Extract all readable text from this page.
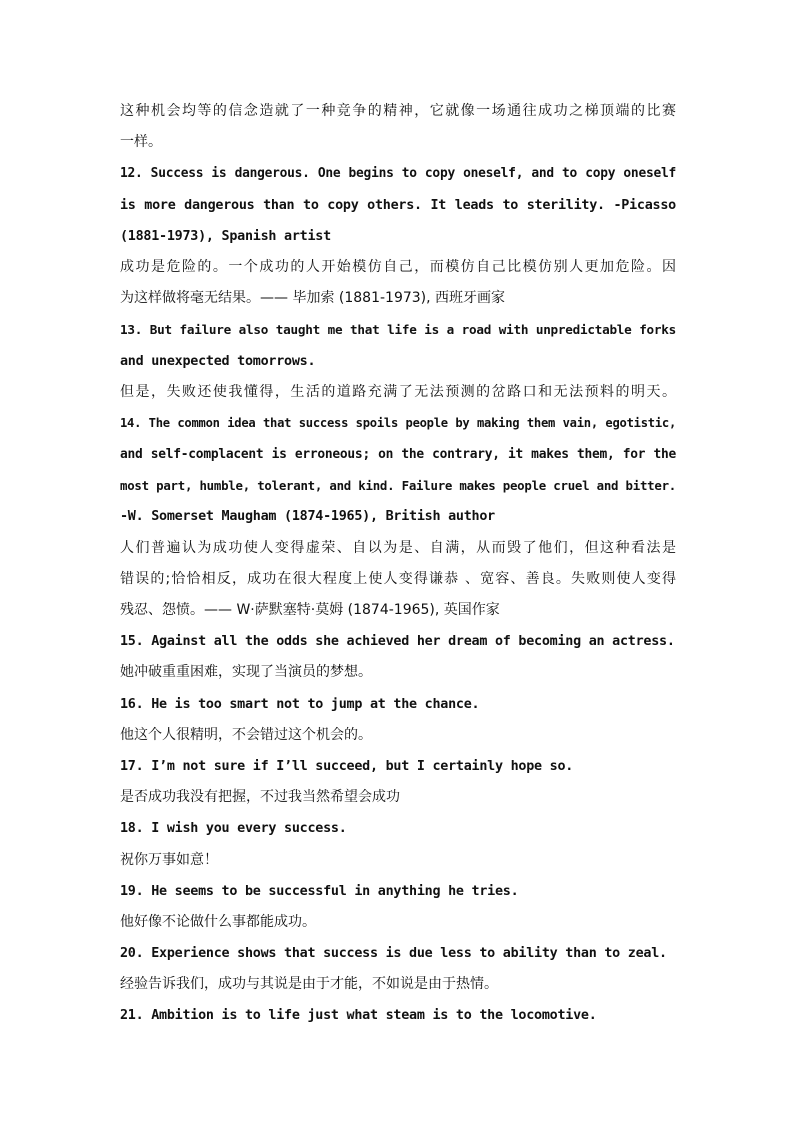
这种机会均等的信念造就了一种竞争的精神，它就像一场通往成功之梯顶端的比赛
一样。
12. Success is dangerous. One begins to copy oneself, and to copy oneself
is more dangerous than to copy others. It leads to sterility. -Picasso
(1881-1973), Spanish artist
成功是危险的。一个成功的人开始模仿自己，而模仿自己比模仿别人更加危险。因
为这样做将毫无结果。—— 毕加索 (1881-1973), 西班牙画家
13. But failure also taught me that life is a road with unpredictable forks
and unexpected tomorrows.
但是，失败还使我懂得，生活的道路充满了无法预测的岔路口和无法预料的明天。
14. The common idea that success spoils people by making them vain, egotistic,
and self-complacent is erroneous; on the contrary, it makes them, for the
most part, humble, tolerant, and kind. Failure makes people cruel and bitter.
-W. Somerset Maugham (1874-1965), British author
人们普遍认为成功使人变得虚荣、自以为是、自满，从而毁了他们，但这种看法是
错误的;恰恰相反，成功在很大程度上使人变得谦恭 、宽容、善良。失败则使人变得
残忍、怨愤。—— W·萨默塞特·莫姆 (1874-1965), 英国作家
15. Against all the odds she achieved her dream of becoming an actress.
她冲破重重困难，实现了当演员的梦想。
16. He is too smart not to jump at the chance.
他这个人很精明，不会错过这个机会的。
17. I’m not sure if I’ll succeed, but I certainly hope so.
是否成功我没有把握，不过我当然希望会成功
18. I wish you every success.
祝你万事如意！
19. He seems to be successful in anything he tries.
他好像不论做什么事都能成功。
20. Experience shows that success is due less to ability than to zeal.
经验告诉我们，成功与其说是由于才能，不如说是由于热情。
21. Ambition is to life just what steam is to the locomotive.
